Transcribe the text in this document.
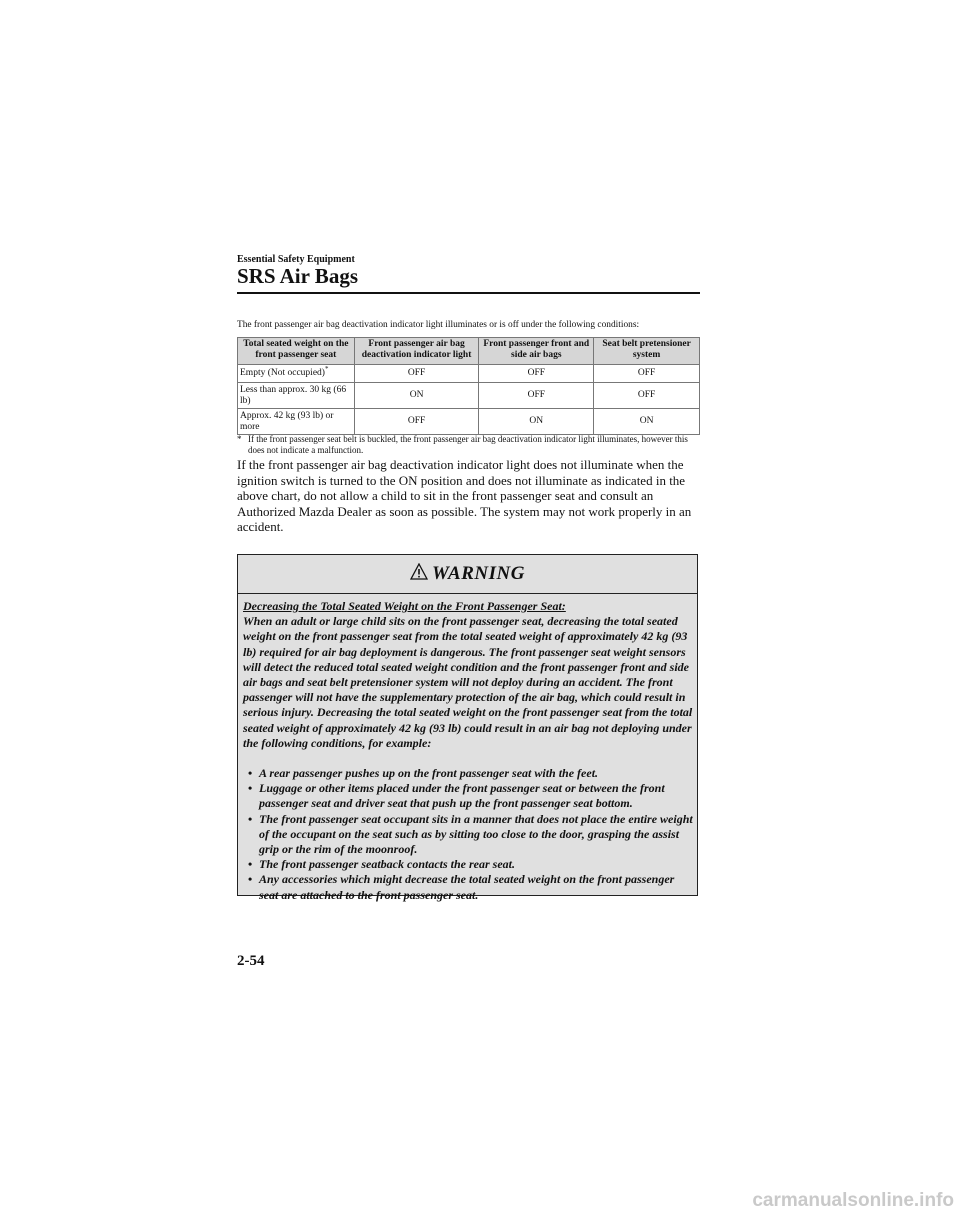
Essential Safety Equipment
SRS Air Bags
The front passenger air bag deactivation indicator light illuminates or is off under the following conditions:
Total seated weight on the front passenger seat	Front passenger air bag deactivation indicator light	Front passenger front and side air bags	Seat belt pretensioner system
Empty (Not occupied)*	OFF	OFF	OFF
Less than approx. 30 kg (66 lb)	ON	OFF	OFF
Approx. 42 kg (93 lb) or more	OFF	ON	ON
* If the front passenger seat belt is buckled, the front passenger air bag deactivation indicator light illuminates, however this does not indicate a malfunction.

If the front passenger air bag deactivation indicator light does not illuminate when the ignition switch is turned to the ON position and does not illuminate as indicated in the above chart, do not allow a child to sit in the front passenger seat and consult an Authorized Mazda Dealer as soon as possible. The system may not work properly in an accident.

WARNING
Decreasing the Total Seated Weight on the Front Passenger Seat:

When an adult or large child sits on the front passenger seat, decreasing the total seated weight on the front passenger seat from the total seated weight of approximately 42 kg (93 lb) required for air bag deployment is dangerous. The front passenger seat weight sensors will detect the reduced total seated weight condition and the front passenger front and side air bags and seat belt pretensioner system will not deploy during an accident. The front passenger will not have the supplementary protection of the air bag, which could result in serious injury. Decreasing the total seated weight on the front passenger seat from the total seated weight of approximately 42 kg (93 lb) could result in an air bag not deploying under the following conditions, for example:

• A rear passenger pushes up on the front passenger seat with the feet.
• Luggage or other items placed under the front passenger seat or between the front passenger seat and driver seat that push up the front passenger seat bottom.
• The front passenger seat occupant sits in a manner that does not place the entire weight of the occupant on the seat such as by sitting too close to the door, grasping the assist grip or the rim of the moonroof.
• The front passenger seatback contacts the rear seat.
• Any accessories which might decrease the total seated weight on the front passenger seat are attached to the front passenger seat.
2-54
carmanualsonline.info
